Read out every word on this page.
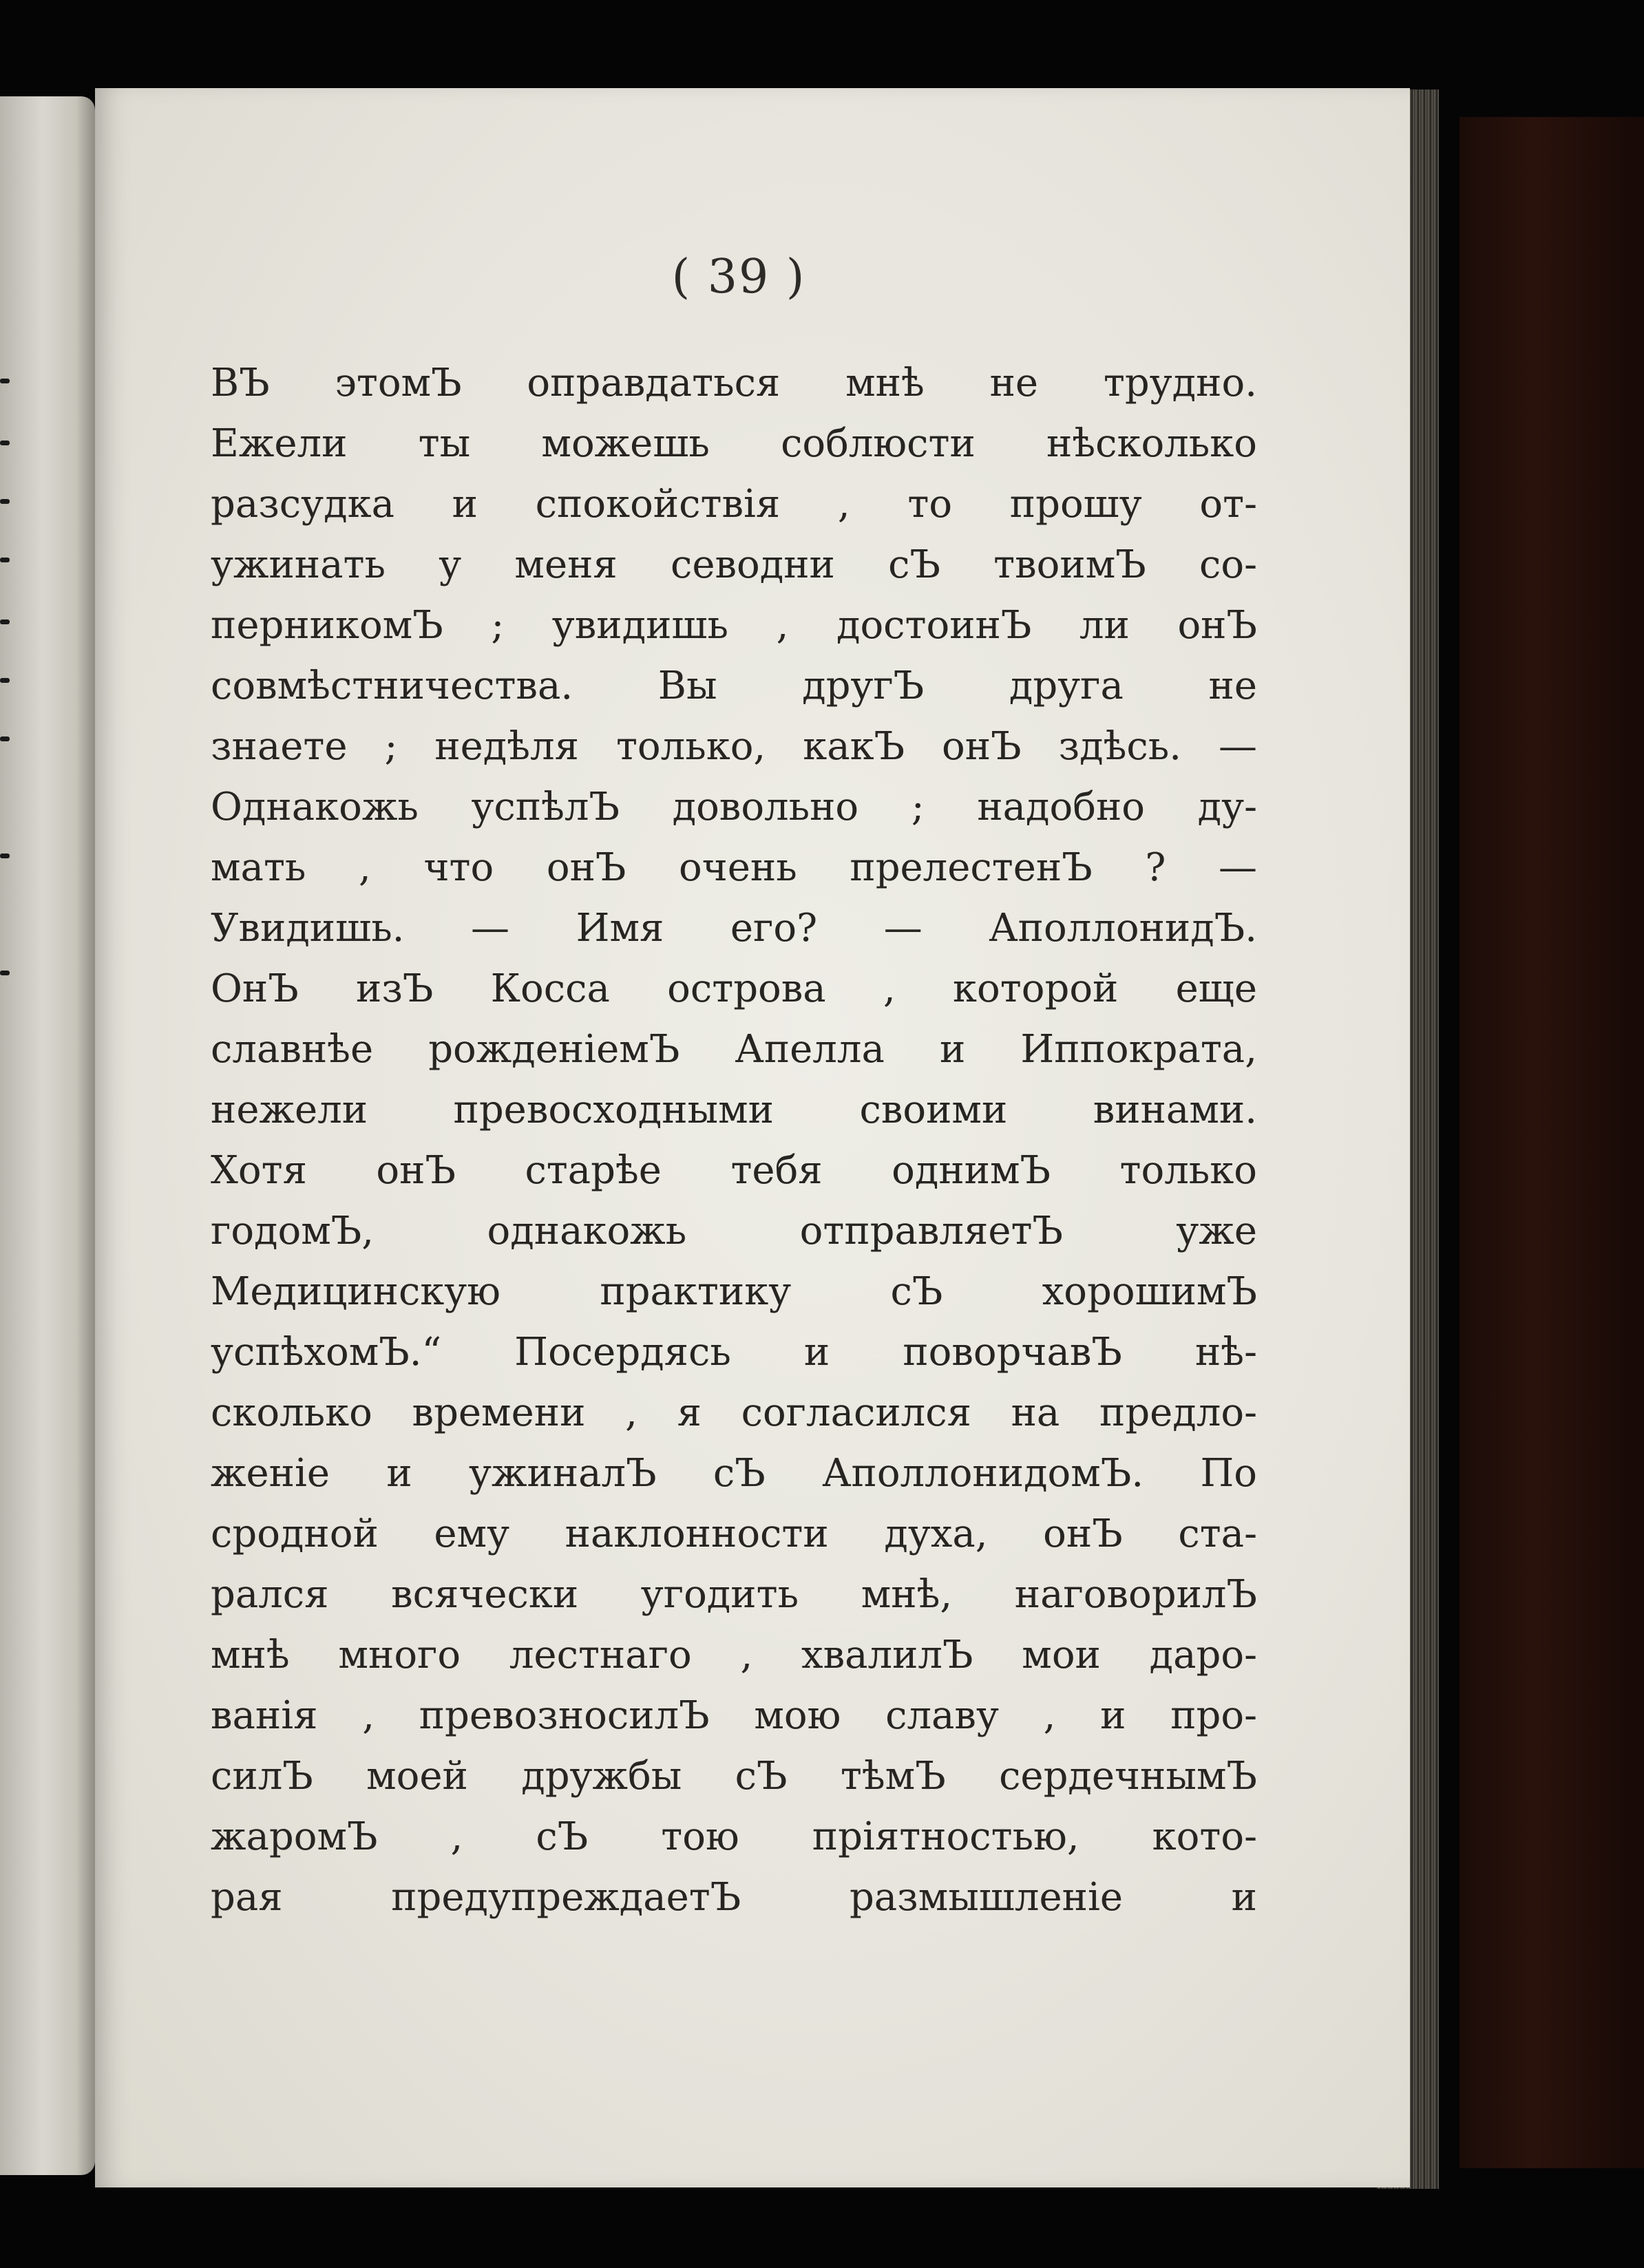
( 39 )
ВЪ этомЪ оправдаться мнѣ не трудно.
Ежели ты можешь соблюсти нѣсколько
разсудка и спокойствія , то прошу от-
ужинать у меня севодни сЪ твоимЪ со-
перникомЪ ; увидишь , достоинЪ ли онЪ
совмѣстничества. Вы другЪ друга не
знаете ; недѣля только, какЪ онЪ здѣсь. —
Однакожь успѣлЪ довольно ; надобно ду-
мать , что онЪ очень прелестенЪ ? —
Увидишь. — Имя его? — АполлонидЪ.
ОнЪ изЪ Косса острова , которой еще
славнѣе рожденіемЪ Апелла и Иппократа,
нежели превосходными своими винами.
Хотя онЪ старѣе тебя однимЪ только
годомЪ, однакожь отправляетЪ уже
Медицинскую практику сЪ хорошимЪ
успѣхомЪ.“ Посердясь и поворчавЪ нѣ-
сколько времени , я согласился на предло-
женіе и ужиналЪ сЪ АполлонидомЪ. По
сродной ему наклонности духа, онЪ ста-
рался всячески угодить мнѣ, наговорилЪ
мнѣ много лестнаго , хвалилЪ мои даро-
ванія , превозносилЪ мою славу , и про-
силЪ моей дружбы сЪ тѣмЪ сердечнымЪ
жаромЪ , сЪ тою пріятностью, кото-
рая предупреждаетЪ размышленіе и
